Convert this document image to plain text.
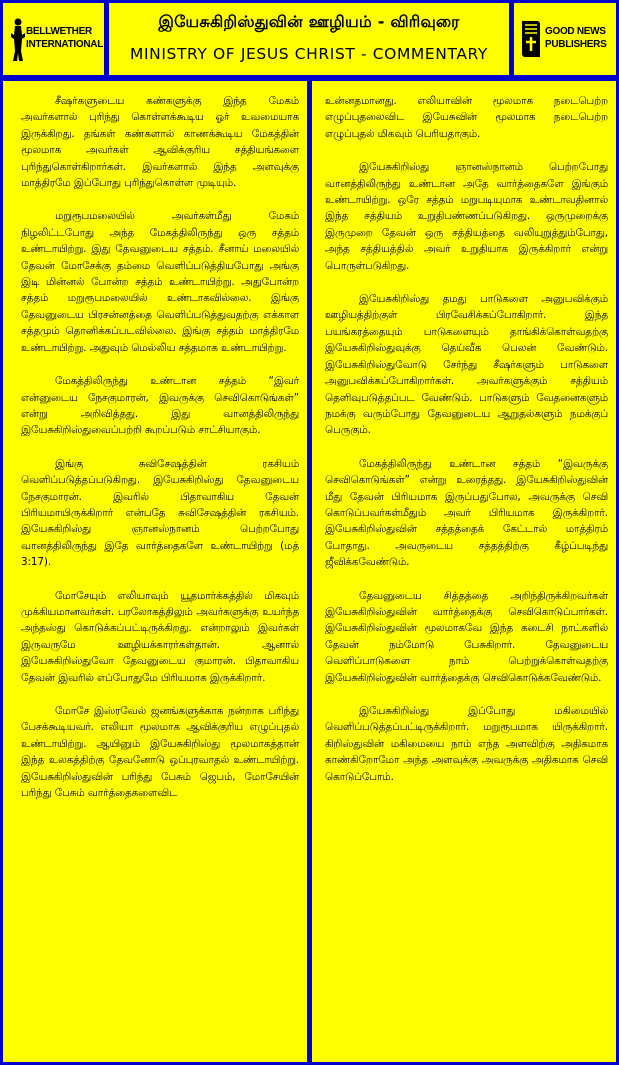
BELLWETHER
INTERNATIONAL
இயேசுகிறிஸ்துவின் ஊழியம் - விரிவுரை
MINISTRY OF JESUS CHRIST - COMMENTARY
GOOD NEWS
PUBLISHERS

சீஷர்களுடைய கண்களுக்கு இந்த மேகம் அவர்களால் புரிந்து கொள்ளக்கூடிய ஓர் உவமையாக இருக்கிறது. தங்கள் கண்களால் காணக்கூடிய மேகத்தின் மூலமாக அவர்கள் ஆவிக்குரிய சத்தியங்களை புரிந்துகொள்கிறார்கள். இவர்களால் இந்த அளவுக்கு மாத்திரமே இப்போது புரிந்துகொள்ள முடியும்.

மறுரூபமலையில் அவர்கள்மீது மேகம் நிழலிட்டபோது அந்த மேகத்திலிருந்து ஒரு சத்தம் உண்டாயிற்று. இது தேவனுடைய சத்தம். சீனாய் மலையில் தேவன் மோசேக்கு தம்மை வெளிப்படுத்தியபோது அங்கு இடி மின்னல் போன்ற சத்தம் உண்டாயிற்று. அதுபோன்ற சத்தம் மறுரூபமலையில் உண்டாகவில்லை. இங்கு தேவனுடைய பிரசன்னத்தை வெளிப்படுத்துவதற்கு எக்காள சத்தமும் தொனிக்கப்படவில்லை. இங்கு சத்தம் மாத்திரமே உண்டாயிற்று. அதுவும் மெல்லிய சத்தமாக உண்டாயிற்று.

மேகத்திலிருந்து உண்டான சத்தம் “இவர் என்னுடைய நேசகுமாரன், இவருக்கு செவிகொடுங்கள்” என்று அறிவித்தது. இது வானத்திலிருந்து இயேசுகிறிஸ்துவைப்பற்றி கூறப்படும் சாட்சியாகும்.

இங்கு சுவிசேஷத்தின் ரகசியம் வெளிப்படுத்தப்படுகிறது. இயேசுகிறிஸ்து தேவனுடைய நேசகுமாரன். இவரில் பிதாவாகிய தேவன் பிரியமாயிருக்கிறார் என்பதே சுவிசேஷத்தின் ரகசியம். இயேசுகிறிஸ்து ஞானஸ்நானம் பெற்றபோது வானத்திலிருந்து இதே வார்த்தைகளே உண்டாயிற்று (மத் 3:17).

மோசேயும் எலியாவும் யூதமார்க்கத்தில் மிகவும் முக்கியமானவர்கள். பரலோகத்திலும் அவர்களுக்கு உயர்ந்த அந்தஸ்து கொடுக்கப்பட்டிருக்கிறது. என்றாலும் இவர்கள் இருவருமே ஊழியக்காரர்கள்தான். ஆனால் இயேசுகிறிஸ்துவோ தேவனுடைய குமாரன். பிதாவாகிய தேவன் இவரில் எப்போதுமே பிரியமாக இருக்கிறார்.

மோசே இஸ்ரவேல் ஜனங்களுக்காக நன்றாக பரிந்து பேசக்கூடியவர். எலியா மூலமாக ஆவிக்குரிய எழுப்புதல் உண்டாயிற்று. ஆயினும் இயேசுகிறிஸ்து மூலமாகத்தான் இந்த உலகத்திற்கு தேவனோடு ஒப்புரவாதல் உண்டாயிற்று. இயேசுகிறிஸ்துவின் பரிந்து பேசும் ஜெபம், மோசேயின் பரிந்து பேசும் வார்த்தைகளைவிட

உன்னதமானது. எலியாவின் மூலமாக நடைபெற்ற எழுப்புதலைவிட இயேசுவின் மூலமாக நடைபெற்ற எழுப்புதல் மிகவும் பெரியதாகும்.

இயேசுகிறிஸ்து ஞானஸ்நானம் பெற்றபோது வானத்திலிருந்து உண்டான அதே வார்த்தைகளே இங்கும் உண்டாயிற்று. ஒரே சத்தம் மறுபடியுமாக உண்டாவதினால் இந்த சத்தியம் உறுதிபண்ணப்படுகிறது. ஒருமுறைக்கு இருமுறை தேவன் ஒரு சத்தியத்தை வலியுறுத்தும்போது, அந்த சத்தியத்தில் அவர் உறுதியாக இருக்கிறார் என்று பொருள்படுகிறது.

இயேசுகிறிஸ்து தமது பாடுகளை அனுபவிக்கும் ஊழியத்திற்குள் பிரவேசிக்கப்போகிறார். இந்த பயங்கரத்தையும் பாடுகளையும் தாங்கிக்கொள்வதற்கு இயேசுகிறிஸ்துவுக்கு தெய்வீக பெலன் வேண்டும். இயேசுகிறிஸ்துவோடு சேர்ந்து சீஷர்களும் பாடுகளை அனுபவிக்கப்போகிறார்கள். அவர்களுக்கும் சத்தியம் தெளிவுபடுத்தப்பட வேண்டும். பாடுகளும் வேதனைகளும் நமக்கு வரும்போது தேவனுடைய ஆறுதல்களும் நமக்குப் பெருகும்.

மேகத்திலிருந்து உண்டான சத்தம் “இவருக்கு செவிகொடுங்கள்” என்று உரைத்தது. இயேசுகிறிஸ்துவின் மீது தேவன் பிரியமாக இருப்பதுபோல, அவருக்கு செவி கொடுப்பவர்கள்மீதும் அவர் பிரியமாக இருக்கிறார். இயேசுகிறிஸ்துவின் சத்தத்தைக் கேட்டால் மாத்திரம் போதாது. அவருடைய சத்தத்திற்கு கீழ்ப்படிந்து ஜீவிக்கவேண்டும்.

தேவனுடைய சித்தத்தை அறிந்திருக்கிறவர்கள் இயேசுகிறிஸ்துவின் வார்த்தைக்கு செவிகொடுப்பார்கள். இயேசுகிறிஸ்துவின் மூலமாகவே இந்த கடைசி நாட்களில் தேவன் நம்மோடு பேசுகிறார். தேவனுடைய வெளிப்பாடுகளை நாம் பெற்றுக்கொள்வதற்கு இயேசுகிறிஸ்துவின் வார்த்தைக்கு செவிகொடுக்கவேண்டும்.

இயேசுகிறிஸ்து இப்போது மகிமையில் வெளிப்படுத்தப்பட்டிருக்கிறார். மறுரூபமாக யிருக்கிறார். கிறிஸ்துவின் மகிமையை நாம் எந்த அளவிற்கு அதிகமாக காண்கிறோமோ அந்த அளவுக்கு அவருக்கு அதிகமாக செவி கொடுப்போம்.
